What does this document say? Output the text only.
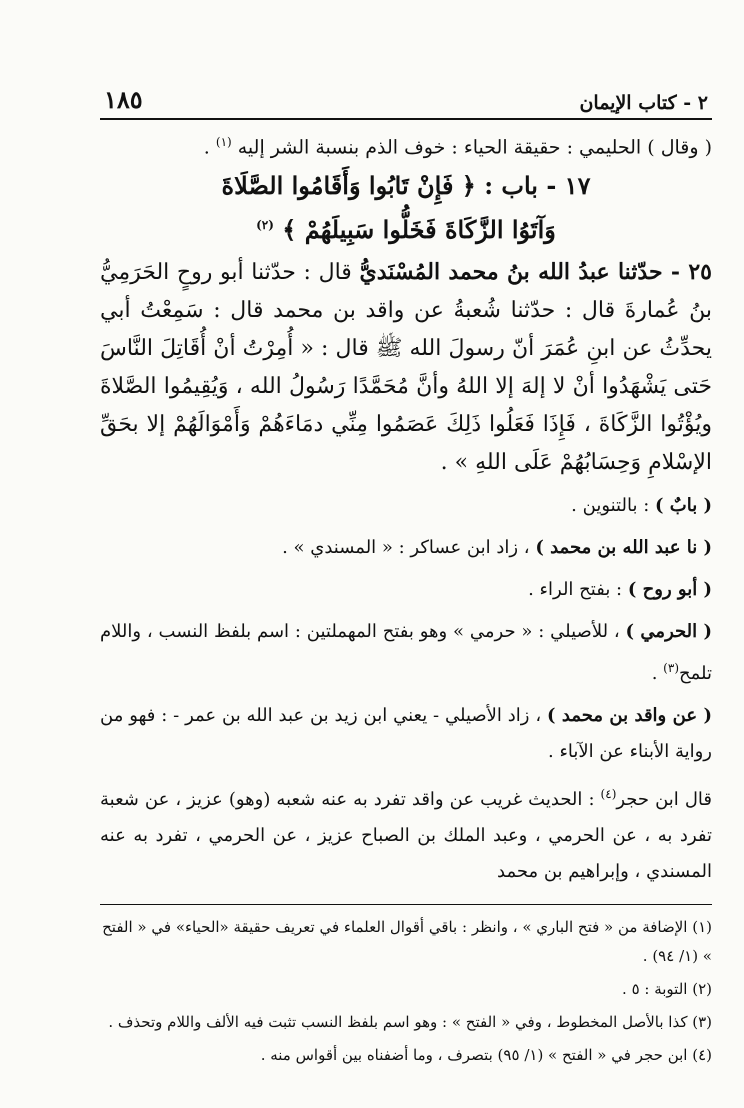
٢ - كتاب الإيمان
١٨٥
( وقال ) الحليمي : حقيقة الحياء : خوف الذم بنسبة الشر إليه $^{(١)}$ .
١٧ - باب : ﴿ فَإِنْ تَابُوا وَأَقَامُوا الصَّلَاةَ
وَآتَوُا الزَّكَاةَ فَخَلُّوا سَبِيلَهُمْ ﴾ $^{(٢)}$
٢٥ - حدّثنا عبدُ الله بنُ محمد المُسْنَديُّ قال : حدّثنا أبو روحٍ الحَرَمِيُّ بنُ عُمارةَ قال : حدّثنا شُعبةُ عن واقد بن محمد قال : سَمِعْتُ أبي يحدِّثُ عن ابنِ عُمَرَ أنّ رسولَ الله ﷺ قال : « أُمِرْتُ أنْ أُقَاتِلَ النَّاسَ حَتى يَشْهَدُوا أنْ لا إلهَ إلا اللهُ وأنَّ مُحَمَّدًا رَسُولُ الله ، وَيُقِيمُوا الصَّلاةَ ويُؤْتُوا الزَّكَاةَ ، فَإِذَا فَعَلُوا ذَلِكَ عَصَمُوا مِنِّي دمَاءَهُمْ وَأَمْوَالَهُمْ إلا بحَقِّ الإسْلامِ وَحِسَابُهُمْ عَلَى اللهِ » .
( بابٌ ) : بالتنوين .
( نا عبد الله بن محمد ) ، زاد ابن عساكر : « المسندي » .
( أبو روح ) : بفتح الراء .
( الحرمي ) ، للأصيلي : « حرمي » وهو بفتح المهملتين : اسم بلفظ النسب ، واللام تلمح$^{(٣)}$ .
( عن واقد بن محمد ) ، زاد الأصيلي - يعني ابن زيد بن عبد الله بن عمر - : فهو من رواية الأبناء عن الآباء .
قال ابن حجر$^{(٤)}$ : الحديث غريب عن واقد تفرد به عنه شعبه (وهو) عزيز ، عن شعبة تفرد به ، عن الحرمي ، وعبد الملك بن الصباح عزيز ، عن الحرمي ، تفرد به عنه المسندي ، وإبراهيم بن محمد
(١) الإضافة من « فتح الباري » ، وانظر : باقي أقوال العلماء في تعريف حقيقة «الحياء» في « الفتح » (١/ ٩٤) .
(٢) التوبة : ٥ .
(٣) كذا بالأصل المخطوط ، وفي « الفتح » : وهو اسم بلفظ النسب تثبت فيه الألف واللام وتحذف .
(٤) ابن حجر في « الفتح » (١/ ٩٥) بتصرف ، وما أضفناه بين أقواس منه .
